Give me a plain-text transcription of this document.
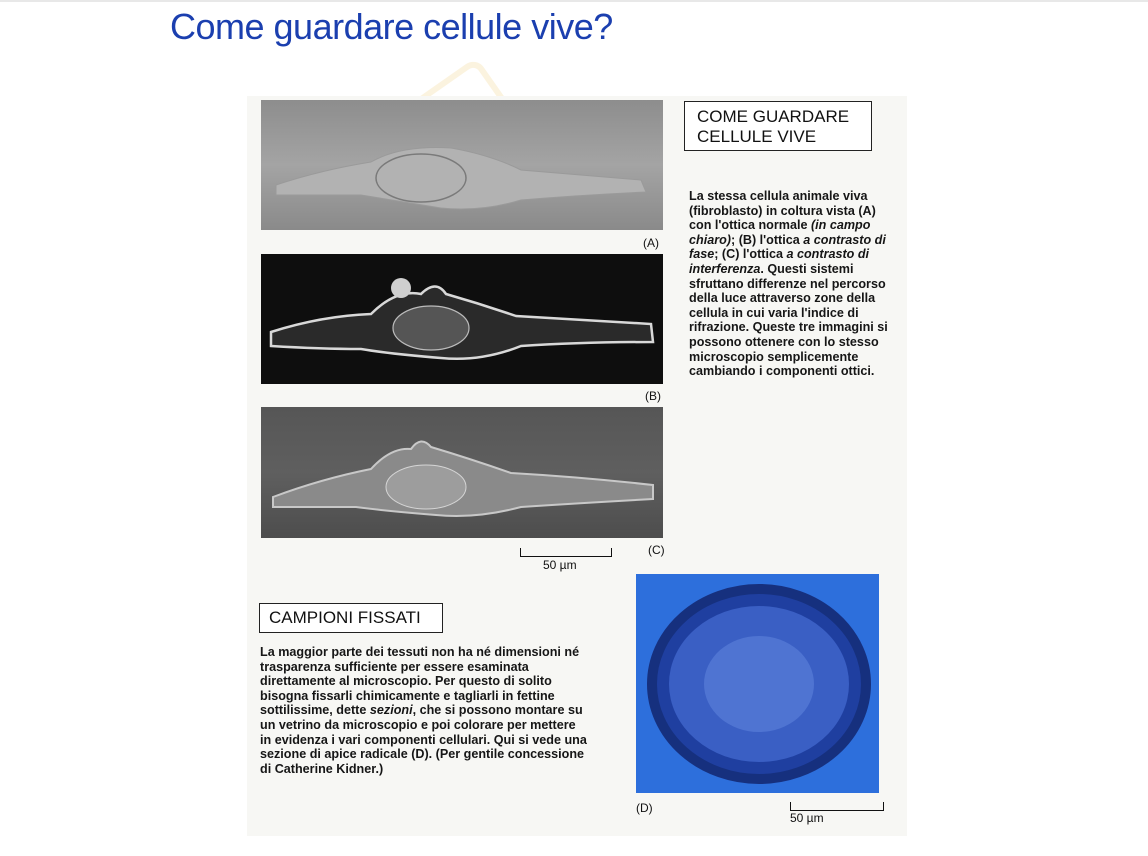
Come guardare cellule vive?
(A)
(B)
(C)
50 µm
COME GUARDARE
CELLULE VIVE
La stessa cellula animale viva (fibroblasto) in coltura vista (A) con l'ottica normale (in campo chiaro); (B) l'ottica a contrasto di fase; (C) l'ottica a contrasto di interferenza. Questi sistemi sfruttano differenze nel percorso della luce attraverso zone della cellula in cui varia l'indice di rifrazione. Queste tre immagini si possono ottenere con lo stesso microscopio semplicemente cambiando i componenti ottici.
CAMPIONI FISSATI
La maggior parte dei tessuti non ha né dimensioni né trasparenza sufficiente per essere esaminata direttamente al microscopio. Per questo di solito bisogna fissarli chimicamente e tagliarli in fettine sottilissime, dette sezioni, che si possono montare su un vetrino da microscopio e poi colorare per mettere in evidenza i vari componenti cellulari. Qui si vede una sezione di apice radicale (D). (Per gentile concessione di Catherine Kidner.)
(D)
50 µm
